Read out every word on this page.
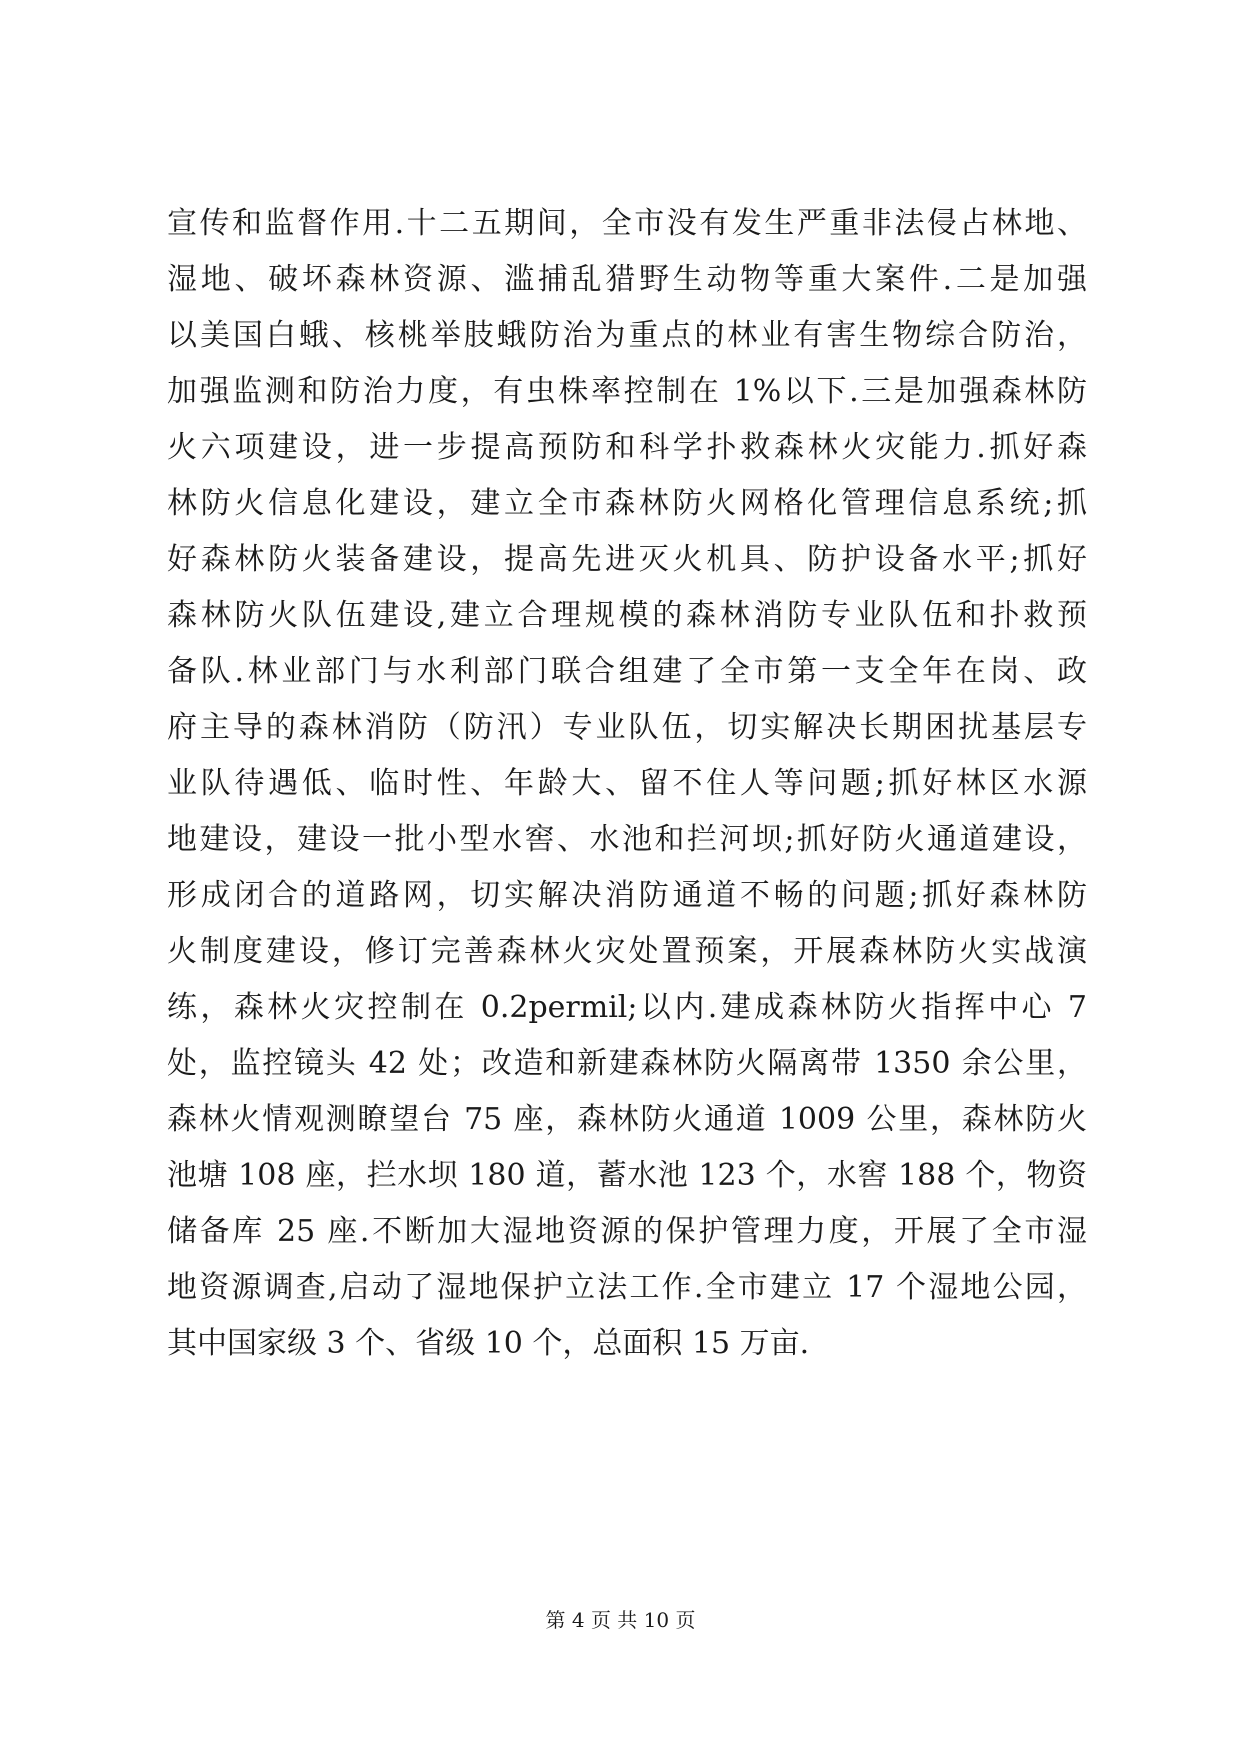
宣传和监督作用.十二五期间，全市没有发生严重非法侵占林地、
湿地、破坏森林资源、滥捕乱猎野生动物等重大案件.二是加强
以美国白蛾、核桃举肢蛾防治为重点的林业有害生物综合防治，
加强监测和防治力度，有虫株率控制在 1%以下.三是加强森林防
火六项建设，进一步提高预防和科学扑救森林火灾能力.抓好森
林防火信息化建设，建立全市森林防火网格化管理信息系统;抓
好森林防火装备建设，提高先进灭火机具、防护设备水平;抓好
森林防火队伍建设,建立合理规模的森林消防专业队伍和扑救预
备队.林业部门与水利部门联合组建了全市第一支全年在岗、政
府主导的森林消防（防汛）专业队伍，切实解决长期困扰基层专
业队待遇低、临时性、年龄大、留不住人等问题;抓好林区水源
地建设，建设一批小型水窖、水池和拦河坝;抓好防火通道建设，
形成闭合的道路网，切实解决消防通道不畅的问题;抓好森林防
火制度建设，修订完善森林火灾处置预案，开展森林防火实战演
练，森林火灾控制在 0.2permil;以内.建成森林防火指挥中心 7
处，监控镜头 42 处；改造和新建森林防火隔离带 1350 余公里，
森林火情观测瞭望台 75 座，森林防火通道 1009 公里，森林防火
池塘 108 座，拦水坝 180 道，蓄水池 123 个，水窖 188 个，物资
储备库 25 座.不断加大湿地资源的保护管理力度，开展了全市湿
地资源调查,启动了湿地保护立法工作.全市建立 17 个湿地公园，
其中国家级 3 个、省级 10 个，总面积 15 万亩.
第 4 页 共 10 页
